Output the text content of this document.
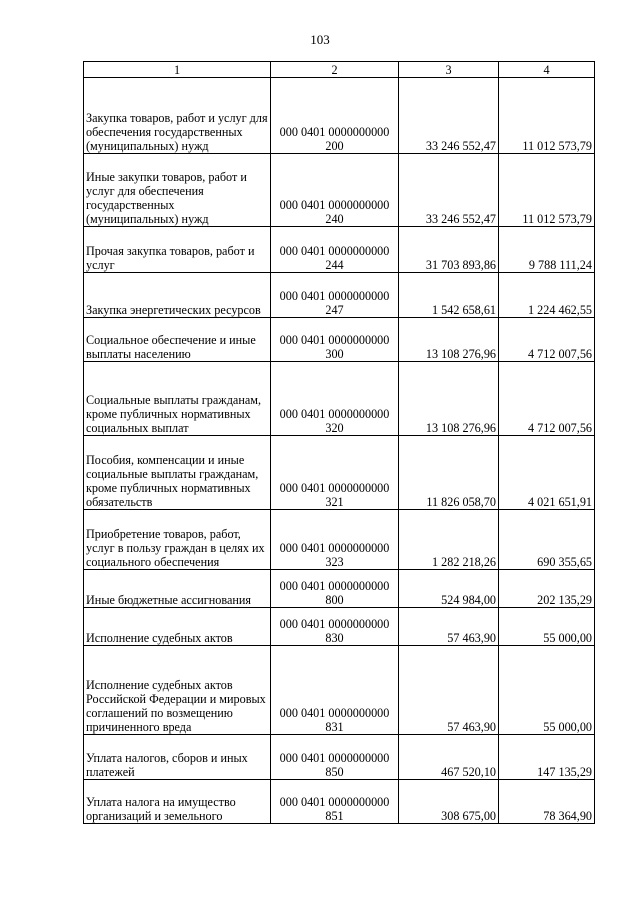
103
1	2	3	4
Закупка товаров, работ и услуг для обеспечения государственных (муниципальных) нужд	000 0401 0000000000 200	33 246 552,47	11 012 573,79
Иные закупки товаров, работ и услуг для обеспечения государственных (муниципальных) нужд	000 0401 0000000000 240	33 246 552,47	11 012 573,79
Прочая закупка товаров, работ и услуг	000 0401 0000000000 244	31 703 893,86	9 788 111,24
Закупка энергетических ресурсов	000 0401 0000000000 247	1 542 658,61	1 224 462,55
Социальное обеспечение и иные выплаты населению	000 0401 0000000000 300	13 108 276,96	4 712 007,56
Социальные выплаты гражданам, кроме публичных нормативных социальных выплат	000 0401 0000000000 320	13 108 276,96	4 712 007,56
Пособия, компенсации и иные социальные выплаты гражданам, кроме публичных нормативных обязательств	000 0401 0000000000 321	11 826 058,70	4 021 651,91
Приобретение товаров, работ, услуг в пользу граждан в целях их социального обеспечения	000 0401 0000000000 323	1 282 218,26	690 355,65
Иные бюджетные ассигнования	000 0401 0000000000 800	524 984,00	202 135,29
Исполнение судебных актов	000 0401 0000000000 830	57 463,90	55 000,00
Исполнение судебных актов Российской Федерации и мировых соглашений по возмещению причиненного вреда	000 0401 0000000000 831	57 463,90	55 000,00
Уплата налогов, сборов и иных платежей	000 0401 0000000000 850	467 520,10	147 135,29
Уплата налога на имущество организаций и земельного	000 0401 0000000000 851	308 675,00	78 364,90
